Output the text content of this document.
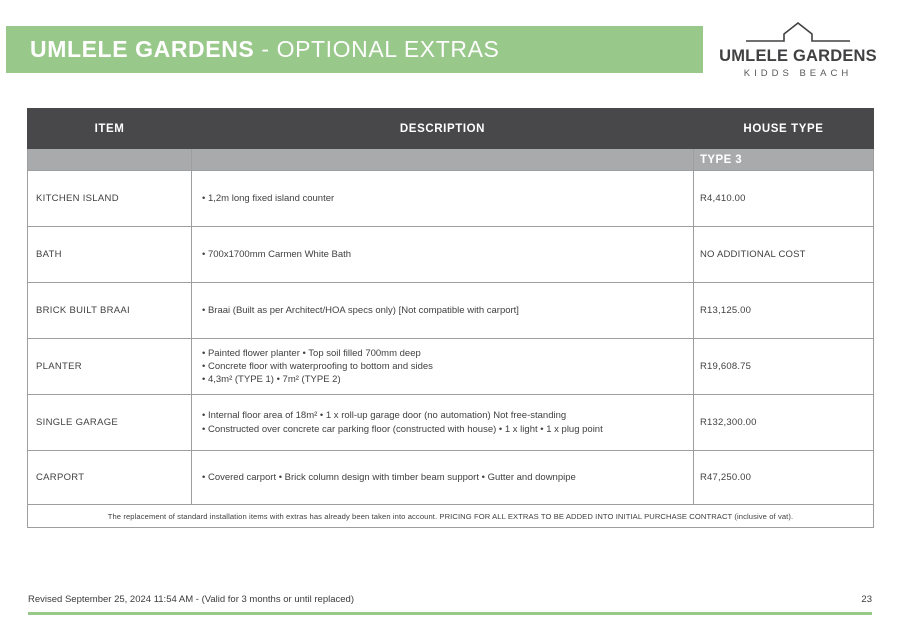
UMLELE GARDENS - OPTIONAL EXTRAS	UMLELE GARDENS
KIDDS BEACH
ITEM	DESCRIPTION	HOUSE TYPE
		TYPE 3
KITCHEN ISLAND	• 1,2m long fixed island counter	R4,410.00
BATH	• 700x1700mm Carmen White Bath	NO ADDITIONAL COST
BRICK BUILT BRAAI	• Braai (Built as per Architect/HOA specs only) [Not compatible with carport]	R13,125.00
PLANTER	• Painted flower planter • Top soil filled 700mm deep
• Concrete floor with waterproofing to bottom and sides
• 4,3m² (TYPE 1) • 7m² (TYPE 2)	R19,608.75
SINGLE GARAGE	• Internal floor area of 18m² • 1 x roll-up garage door (no automation) Not free-standing
• Constructed over concrete car parking floor (constructed with house) • 1 x light • 1 x plug point	R132,300.00
CARPORT	• Covered carport • Brick column design with timber beam support • Gutter and downpipe	R47,250.00
The replacement of standard installation items with extras has already been taken into account. PRICING FOR ALL EXTRAS TO BE ADDED INTO INITIAL PURCHASE CONTRACT (inclusive of vat).		
Revised September 25, 2024 11:54 AM - (Valid for 3 months or until replaced)	23
